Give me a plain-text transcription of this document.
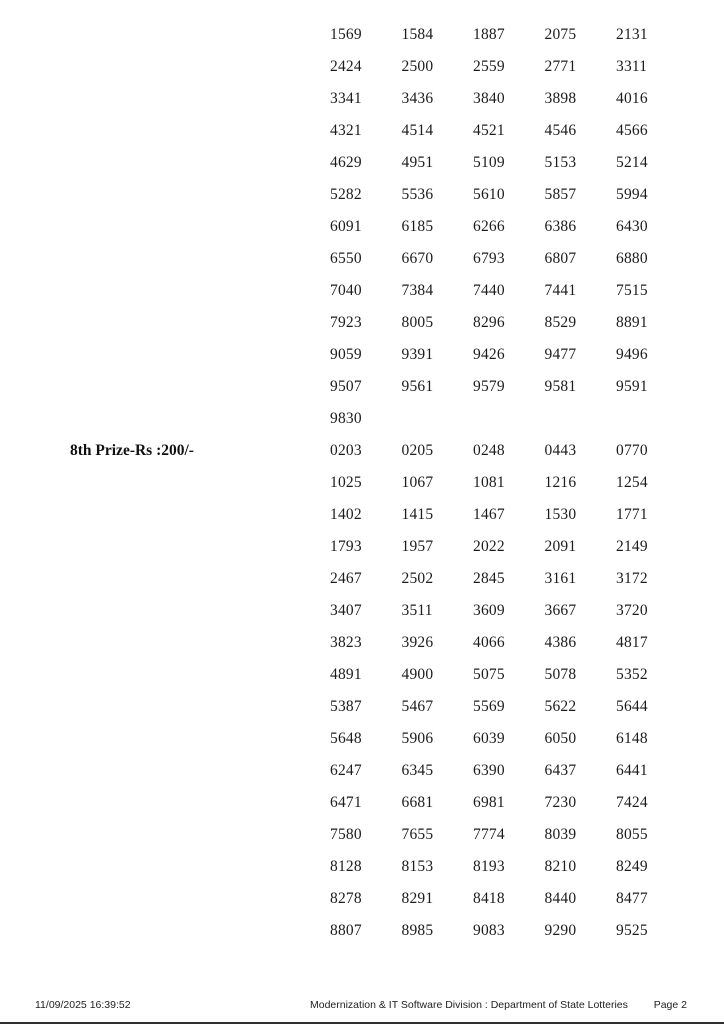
1569	1584	1887	2075	2131
2424	2500	2559	2771	3311
3341	3436	3840	3898	4016
4321	4514	4521	4546	4566
4629	4951	5109	5153	5214
5282	5536	5610	5857	5994
6091	6185	6266	6386	6430
6550	6670	6793	6807	6880
7040	7384	7440	7441	7515
7923	8005	8296	8529	8891
9059	9391	9426	9477	9496
9507	9561	9579	9581	9591
9830
8th Prize-Rs :200/-	0203	0205	0248	0443	0770
1025	1067	1081	1216	1254
1402	1415	1467	1530	1771
1793	1957	2022	2091	2149
2467	2502	2845	3161	3172
3407	3511	3609	3667	3720
3823	3926	4066	4386	4817
4891	4900	5075	5078	5352
5387	5467	5569	5622	5644
5648	5906	6039	6050	6148
6247	6345	6390	6437	6441
6471	6681	6981	7230	7424
7580	7655	7774	8039	8055
8128	8153	8193	8210	8249
8278	8291	8418	8440	8477
8807	8985	9083	9290	9525
11/09/2025 16:39:52	Modernization & IT Software Division : Department of State Lotteries Page 2
